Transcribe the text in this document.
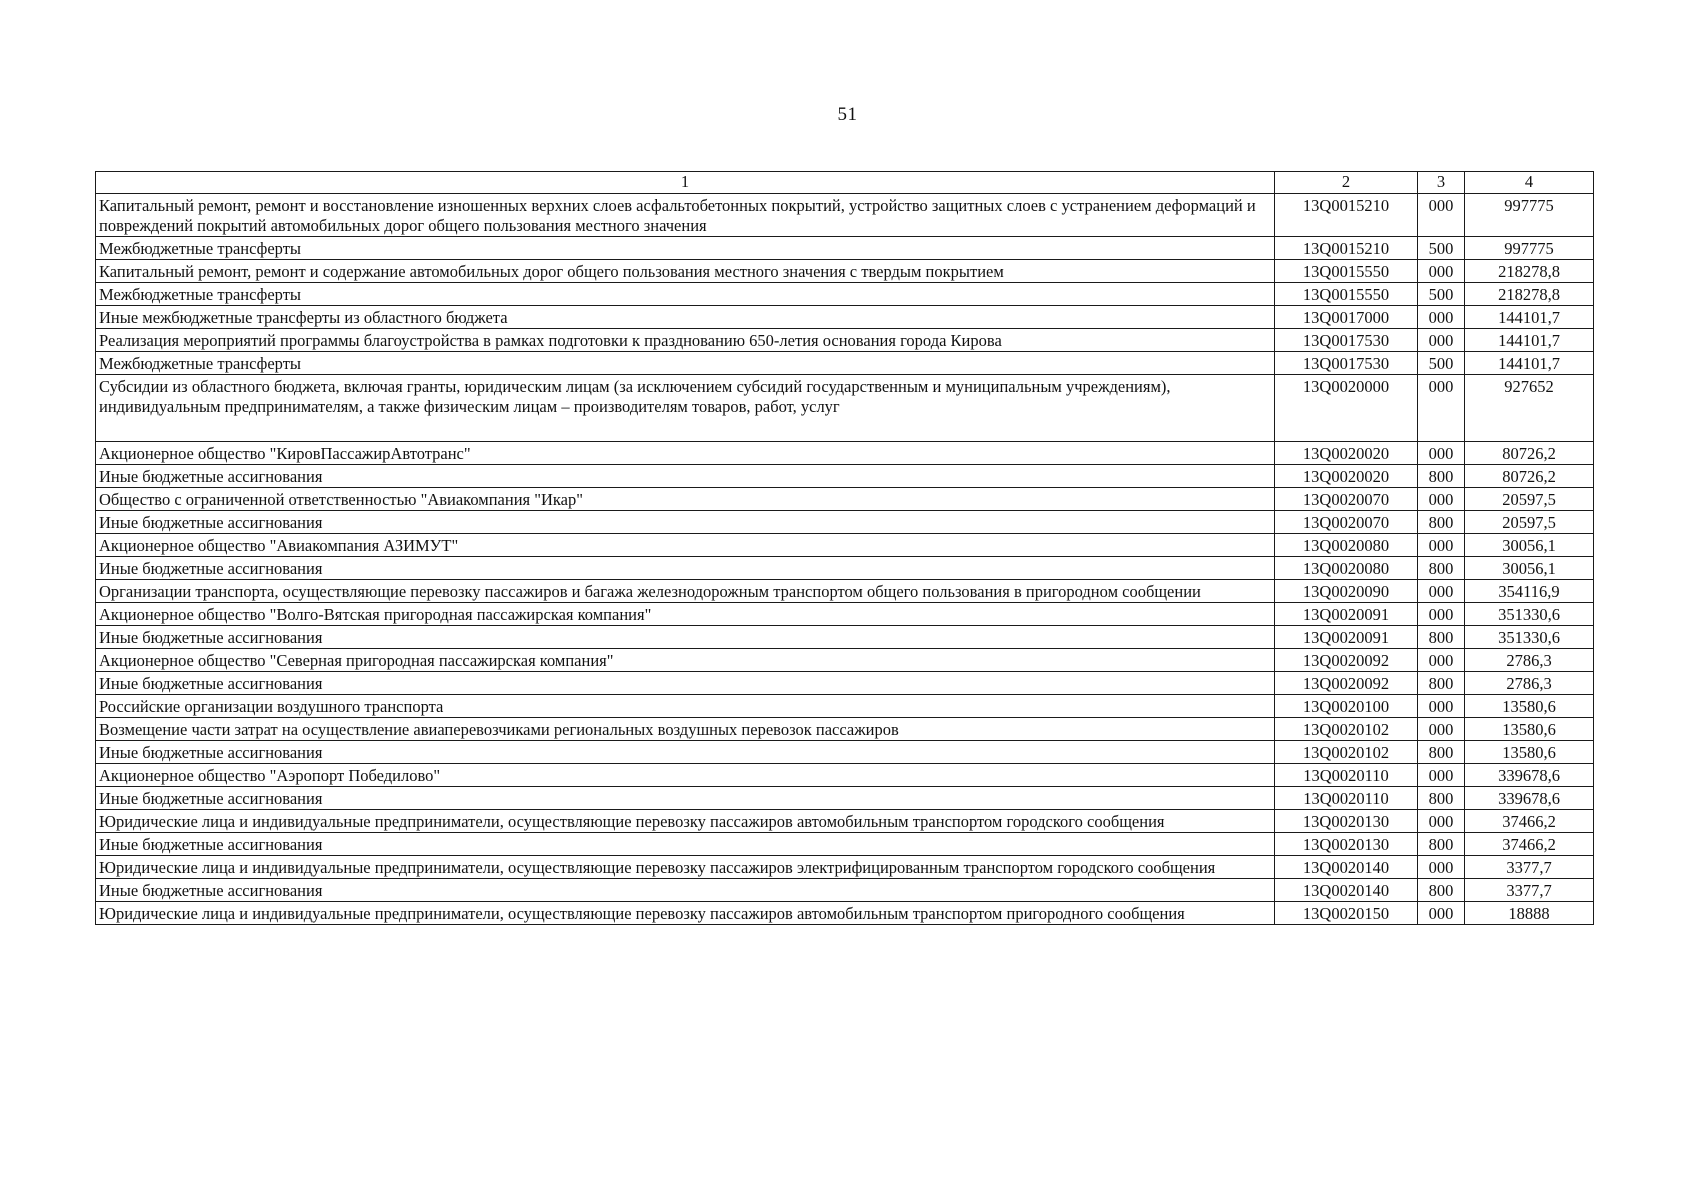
51
1	2	3	4
Капитальный ремонт, ремонт и восстановление изношенных верхних слоев асфальтобетонных покрытий, устройство защитных слоев с устранением деформаций и повреждений покрытий автомобильных дорог общего пользования местного значения	13Q0015210	000	997775
Межбюджетные трансферты	13Q0015210	500	997775
Капитальный ремонт, ремонт и содержание автомобильных дорог общего пользования местного значения с твердым покрытием	13Q0015550	000	218278,8
Межбюджетные трансферты	13Q0015550	500	218278,8
Иные межбюджетные трансферты из областного бюджета	13Q0017000	000	144101,7
Реализация мероприятий программы благоустройства в рамках подготовки к празднованию 650-летия основания города Кирова	13Q0017530	000	144101,7
Межбюджетные трансферты	13Q0017530	500	144101,7
Субсидии из областного бюджета, включая гранты, юридическим лицам (за исключением субсидий государственным и муниципальным учреждениям), индивидуальным предпринимателям, а также физическим лицам – производителям товаров, работ, услуг	13Q0020000	000	927652
Акционерное общество "КировПассажирАвтотранс"	13Q0020020	000	80726,2
Иные бюджетные ассигнования	13Q0020020	800	80726,2
Общество с ограниченной ответственностью "Авиакомпания "Икар"	13Q0020070	000	20597,5
Иные бюджетные ассигнования	13Q0020070	800	20597,5
Акционерное общество "Авиакомпания АЗИМУТ"	13Q0020080	000	30056,1
Иные бюджетные ассигнования	13Q0020080	800	30056,1
Организации транспорта, осуществляющие перевозку пассажиров и багажа железнодорожным транспортом общего пользования в пригородном сообщении	13Q0020090	000	354116,9
Акционерное общество "Волго-Вятская пригородная пассажирская компания"	13Q0020091	000	351330,6
Иные бюджетные ассигнования	13Q0020091	800	351330,6
Акционерное общество "Северная пригородная пассажирская компания"	13Q0020092	000	2786,3
Иные бюджетные ассигнования	13Q0020092	800	2786,3
Российские организации воздушного транспорта	13Q0020100	000	13580,6
Возмещение части затрат на осуществление авиаперевозчиками региональных воздушных перевозок пассажиров	13Q0020102	000	13580,6
Иные бюджетные ассигнования	13Q0020102	800	13580,6
Акционерное общество "Аэропорт Победилово"	13Q0020110	000	339678,6
Иные бюджетные ассигнования	13Q0020110	800	339678,6
Юридические лица и индивидуальные предприниматели, осуществляющие перевозку пассажиров автомобильным транспортом городского сообщения	13Q0020130	000	37466,2
Иные бюджетные ассигнования	13Q0020130	800	37466,2
Юридические лица и индивидуальные предприниматели, осуществляющие перевозку пассажиров электрифицированным транспортом городского сообщения	13Q0020140	000	3377,7
Иные бюджетные ассигнования	13Q0020140	800	3377,7
Юридические лица и индивидуальные предприниматели, осуществляющие перевозку пассажиров автомобильным транспортом пригородного сообщения	13Q0020150	000	18888
